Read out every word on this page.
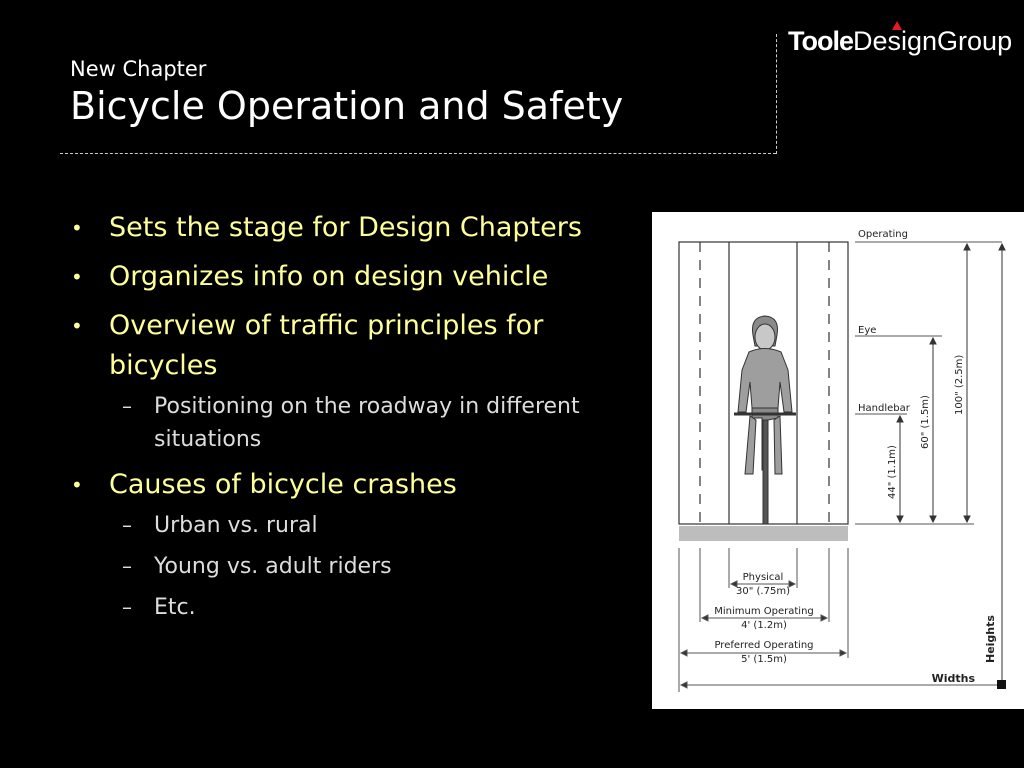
New Chapter
Bicycle Operation and Safety
TooleDesignGroup
• Sets the stage for Design Chapters
• Organizes info on design vehicle
• Overview of traffic principles for bicycles
– Positioning on the roadway in different situations
• Causes of bicycle crashes
– Urban vs. rural
– Young vs. adult riders
– Etc.
Operating
Eye
Handlebar
44" (1.1m)
60" (1.5m)
100" (2.5m)
Heights
Physical
30" (.75m)
Minimum Operating
4' (1.2m)
Preferred Operating
5' (1.5m)
Widths
